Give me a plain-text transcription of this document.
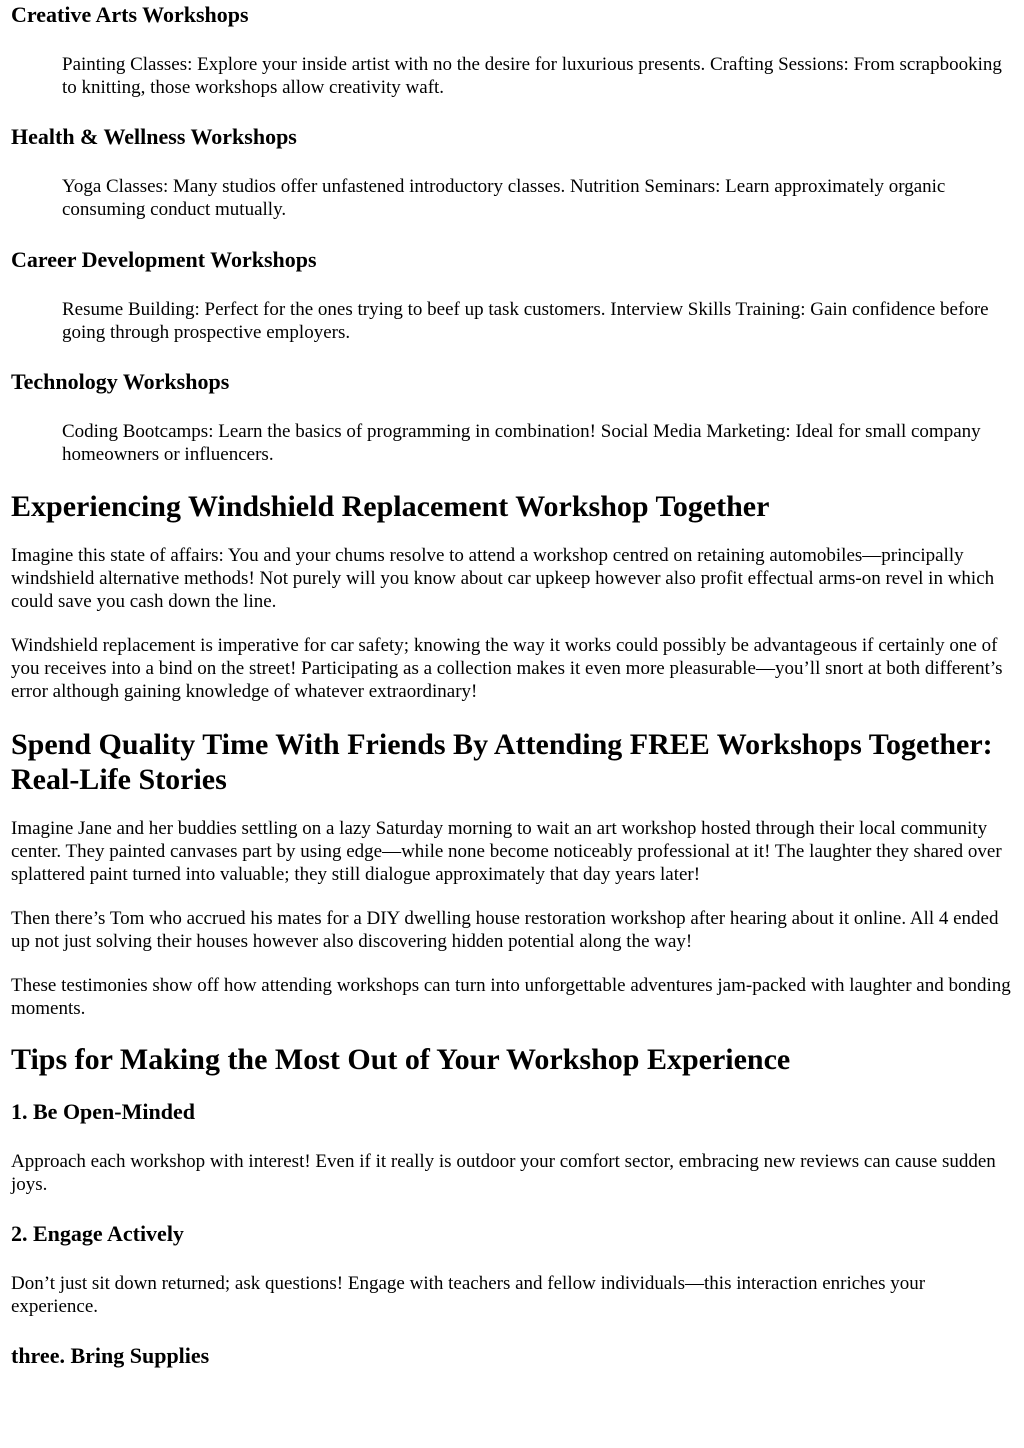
Creative Arts Workshops
Painting Classes: Explore your inside artist with no the desire for luxurious presents. Crafting Sessions: From scrapbooking to knitting, those workshops allow creativity waft.
Health & Wellness Workshops
Yoga Classes: Many studios offer unfastened introductory classes. Nutrition Seminars: Learn approximately organic consuming conduct mutually.
Career Development Workshops
Resume Building: Perfect for the ones trying to beef up task customers. Interview Skills Training: Gain confidence before going through prospective employers.
Technology Workshops
Coding Bootcamps: Learn the basics of programming in combination! Social Media Marketing: Ideal for small company homeowners or influencers.
Experiencing Windshield Replacement Workshop Together

Imagine this state of affairs: You and your chums resolve to attend a workshop centred on retaining automobiles—principally windshield alternative methods! Not purely will you know about car upkeep however also profit effectual arms-on revel in which could save you cash down the line.

Windshield replacement is imperative for car safety; knowing the way it works could possibly be advantageous if certainly one of you receives into a bind on the street! Participating as a collection makes it even more pleasurable—you’ll snort at both different’s error although gaining knowledge of whatever extraordinary!

Spend Quality Time With Friends By Attending FREE Workshops Together: Real-Life Stories

Imagine Jane and her buddies settling on a lazy Saturday morning to wait an art workshop hosted through their local community center. They painted canvases part by using edge—while none become noticeably professional at it! The laughter they shared over splattered paint turned into valuable; they still dialogue approximately that day years later!

Then there’s Tom who accrued his mates for a DIY dwelling house restoration workshop after hearing about it online. All 4 ended up not just solving their houses however also discovering hidden potential along the way!

These testimonies show off how attending workshops can turn into unforgettable adventures jam-packed with laughter and bonding moments.

Tips for Making the Most Out of Your Workshop Experience
1. Be Open-Minded

Approach each workshop with interest! Even if it really is outdoor your comfort sector, embracing new reviews can cause sudden joys.

2. Engage Actively

Don’t just sit down returned; ask questions! Engage with teachers and fellow individuals—this interaction enriches your experience.

three. Bring Supplies
